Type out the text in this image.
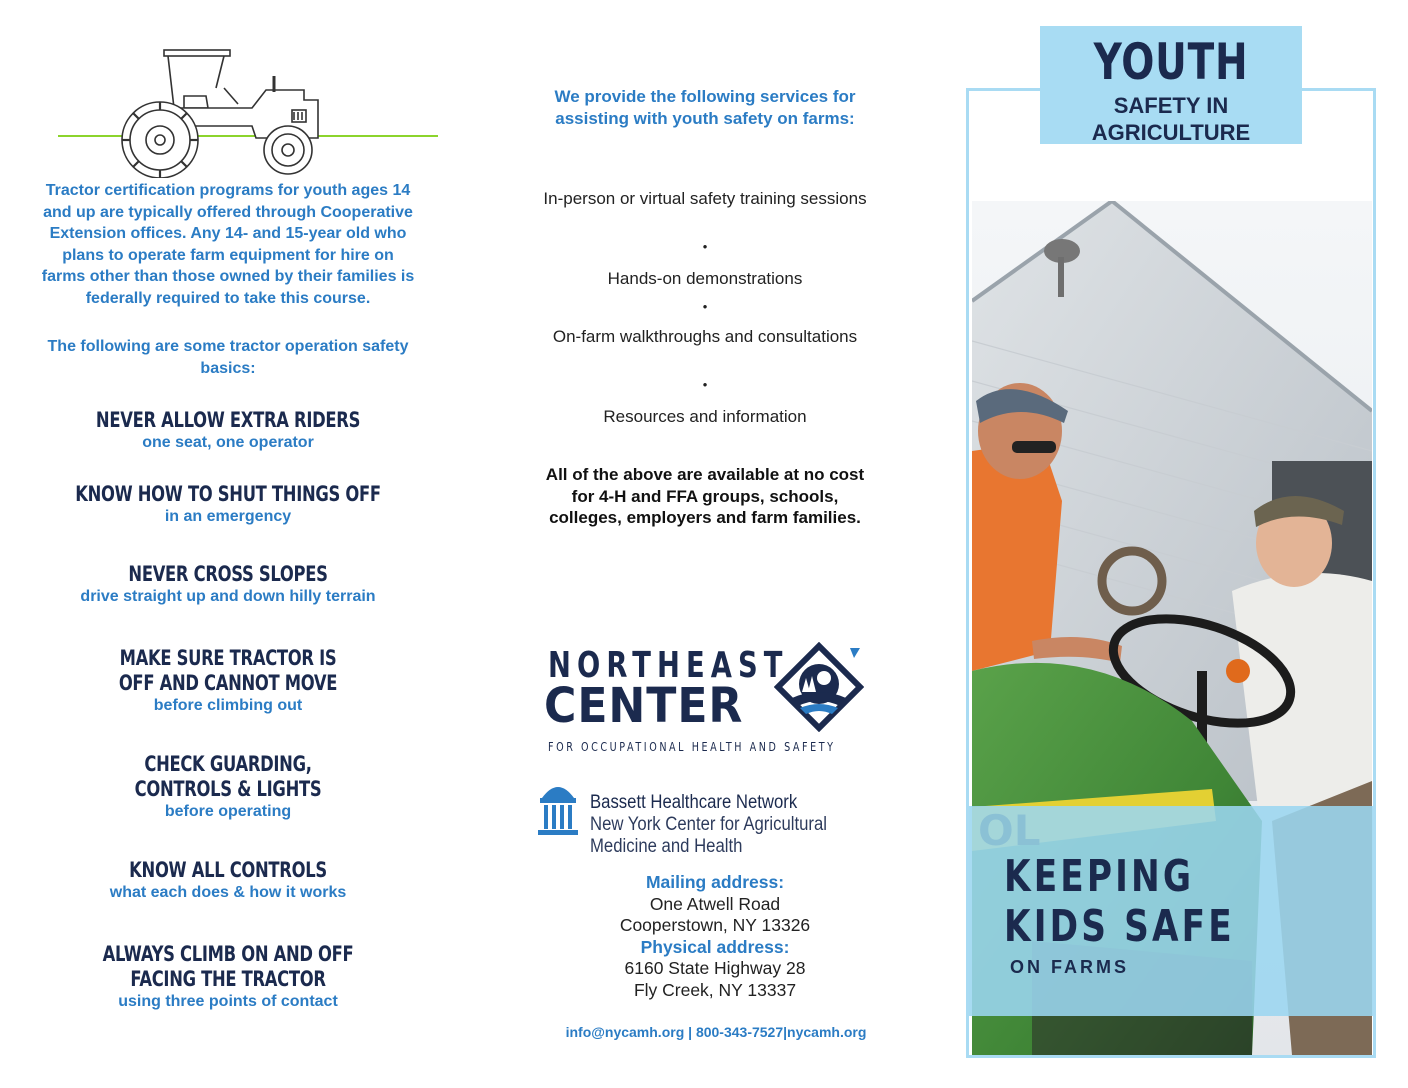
Tractor certification programs for youth ages 14 and up are typically offered through Cooperative Extension offices. Any 14- and 15-year old who plans to operate farm equipment for hire on farms other than those owned by their families is federally required to take this course.
The following are some tractor operation safety basics:
NEVER ALLOW EXTRA RIDERS
one seat, one operator
KNOW HOW TO SHUT THINGS OFF
in an emergency
NEVER CROSS SLOPES
drive straight up and down hilly terrain
MAKE SURE TRACTOR IS
OFF AND CANNOT MOVE
before climbing out
CHECK GUARDING,
CONTROLS & LIGHTS
before operating
KNOW ALL CONTROLS
what each does & how it works
ALWAYS CLIMB ON AND OFF
FACING THE TRACTOR
using three points of contact
We provide the following services for assisting with youth safety on farms:
In-person or virtual safety training sessions
•
Hands-on demonstrations
•
On-farm walkthroughs and consultations
•
Resources and information
All of the above are available at no cost for 4-H and FFA groups, schools, colleges, employers and farm families.
NORTHEAST
CENTER
FOR OCCUPATIONAL HEALTH AND SAFETY
Bassett Healthcare Network
New York Center for Agricultural
Medicine and Health
Mailing address:
One Atwell Road
Cooperstown, NY 13326
Physical address:
6160 State Highway 28
Fly Creek, NY 13337
info@nycamh.org | 800-343-7527|nycamh.org
YOUTH
SAFETY IN
AGRICULTURE
KEEPING
KIDS SAFE
ON FARMS
